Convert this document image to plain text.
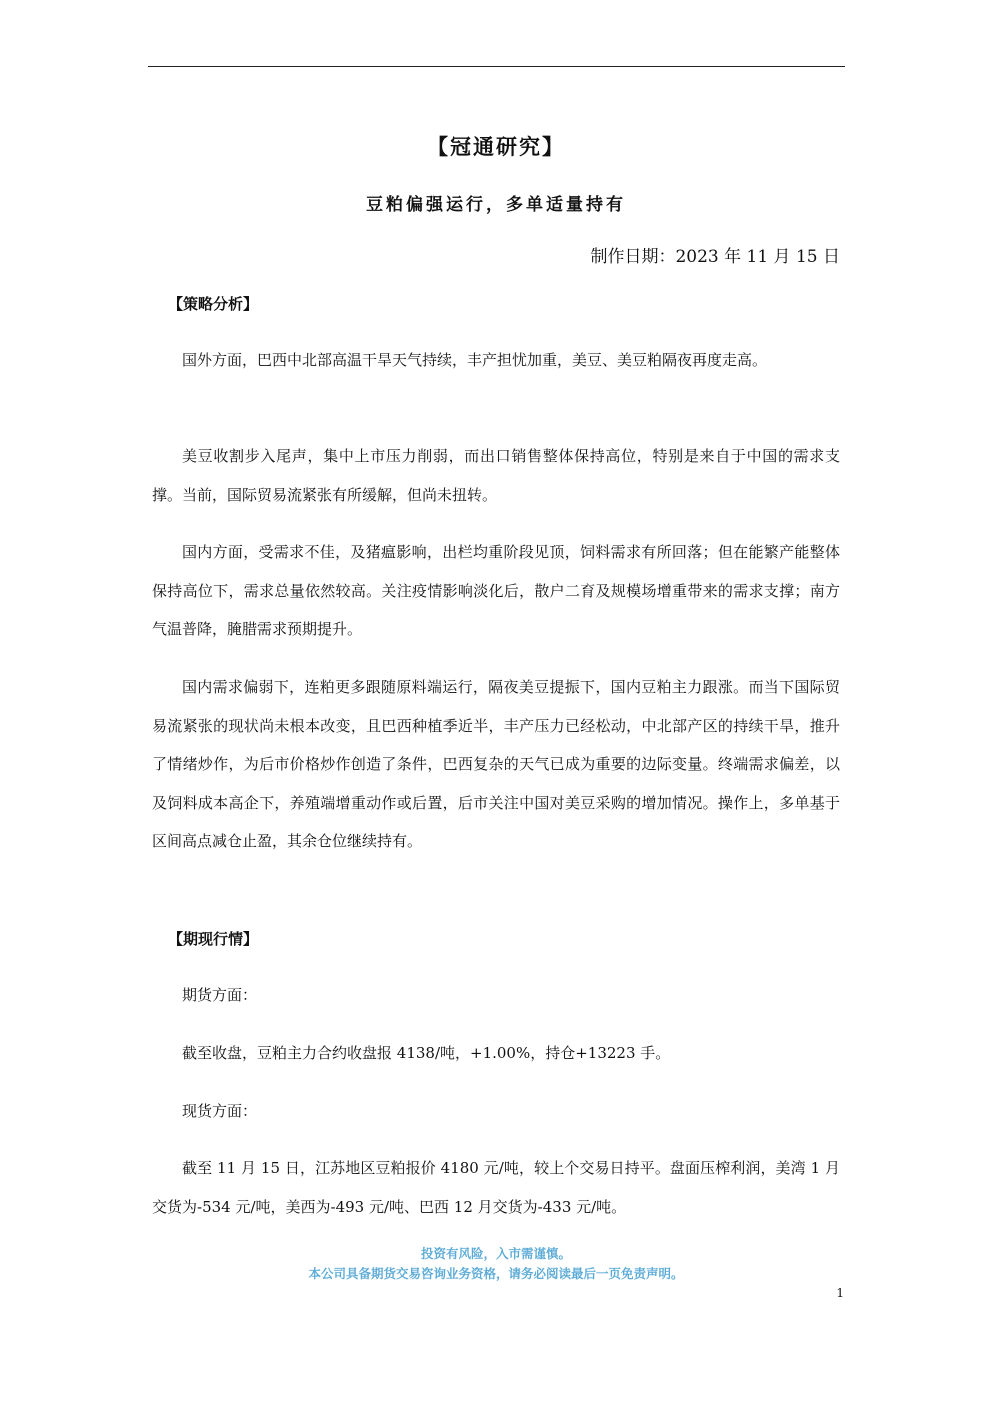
【冠通研究】
豆粕偏强运行，多单适量持有
制作日期：2023 年 11 月 15 日
【策略分析】
国外方面，巴西中北部高温干旱天气持续，丰产担忧加重，美豆、美豆粕隔夜再度走高。
美豆收割步入尾声，集中上市压力削弱，而出口销售整体保持高位，特别是来自于中国的需求支撑。当前，国际贸易流紧张有所缓解，但尚未扭转。
国内方面，受需求不佳，及猪瘟影响，出栏均重阶段见顶，饲料需求有所回落；但在能繁产能整体保持高位下，需求总量依然较高。关注疫情影响淡化后，散户二育及规模场增重带来的需求支撑；南方气温普降，腌腊需求预期提升。
国内需求偏弱下，连粕更多跟随原料端运行，隔夜美豆提振下，国内豆粕主力跟涨。而当下国际贸易流紧张的现状尚未根本改变，且巴西种植季近半，丰产压力已经松动，中北部产区的持续干旱，推升了情绪炒作，为后市价格炒作创造了条件，巴西复杂的天气已成为重要的边际变量。终端需求偏差，以及饲料成本高企下，养殖端增重动作或后置，后市关注中国对美豆采购的增加情况。操作上，多单基于区间高点减仓止盈，其余仓位继续持有。
【期现行情】
期货方面：
截至收盘，豆粕主力合约收盘报 4138/吨，+1.00%，持仓+13223 手。
现货方面：
截至 11 月 15 日，江苏地区豆粕报价 4180 元/吨，较上个交易日持平。盘面压榨利润，美湾 1 月交货为-534 元/吨，美西为-493 元/吨、巴西 12 月交货为-433 元/吨。
投资有风险，入市需谨慎。
本公司具备期货交易咨询业务资格，请务必阅读最后一页免责声明。
1
